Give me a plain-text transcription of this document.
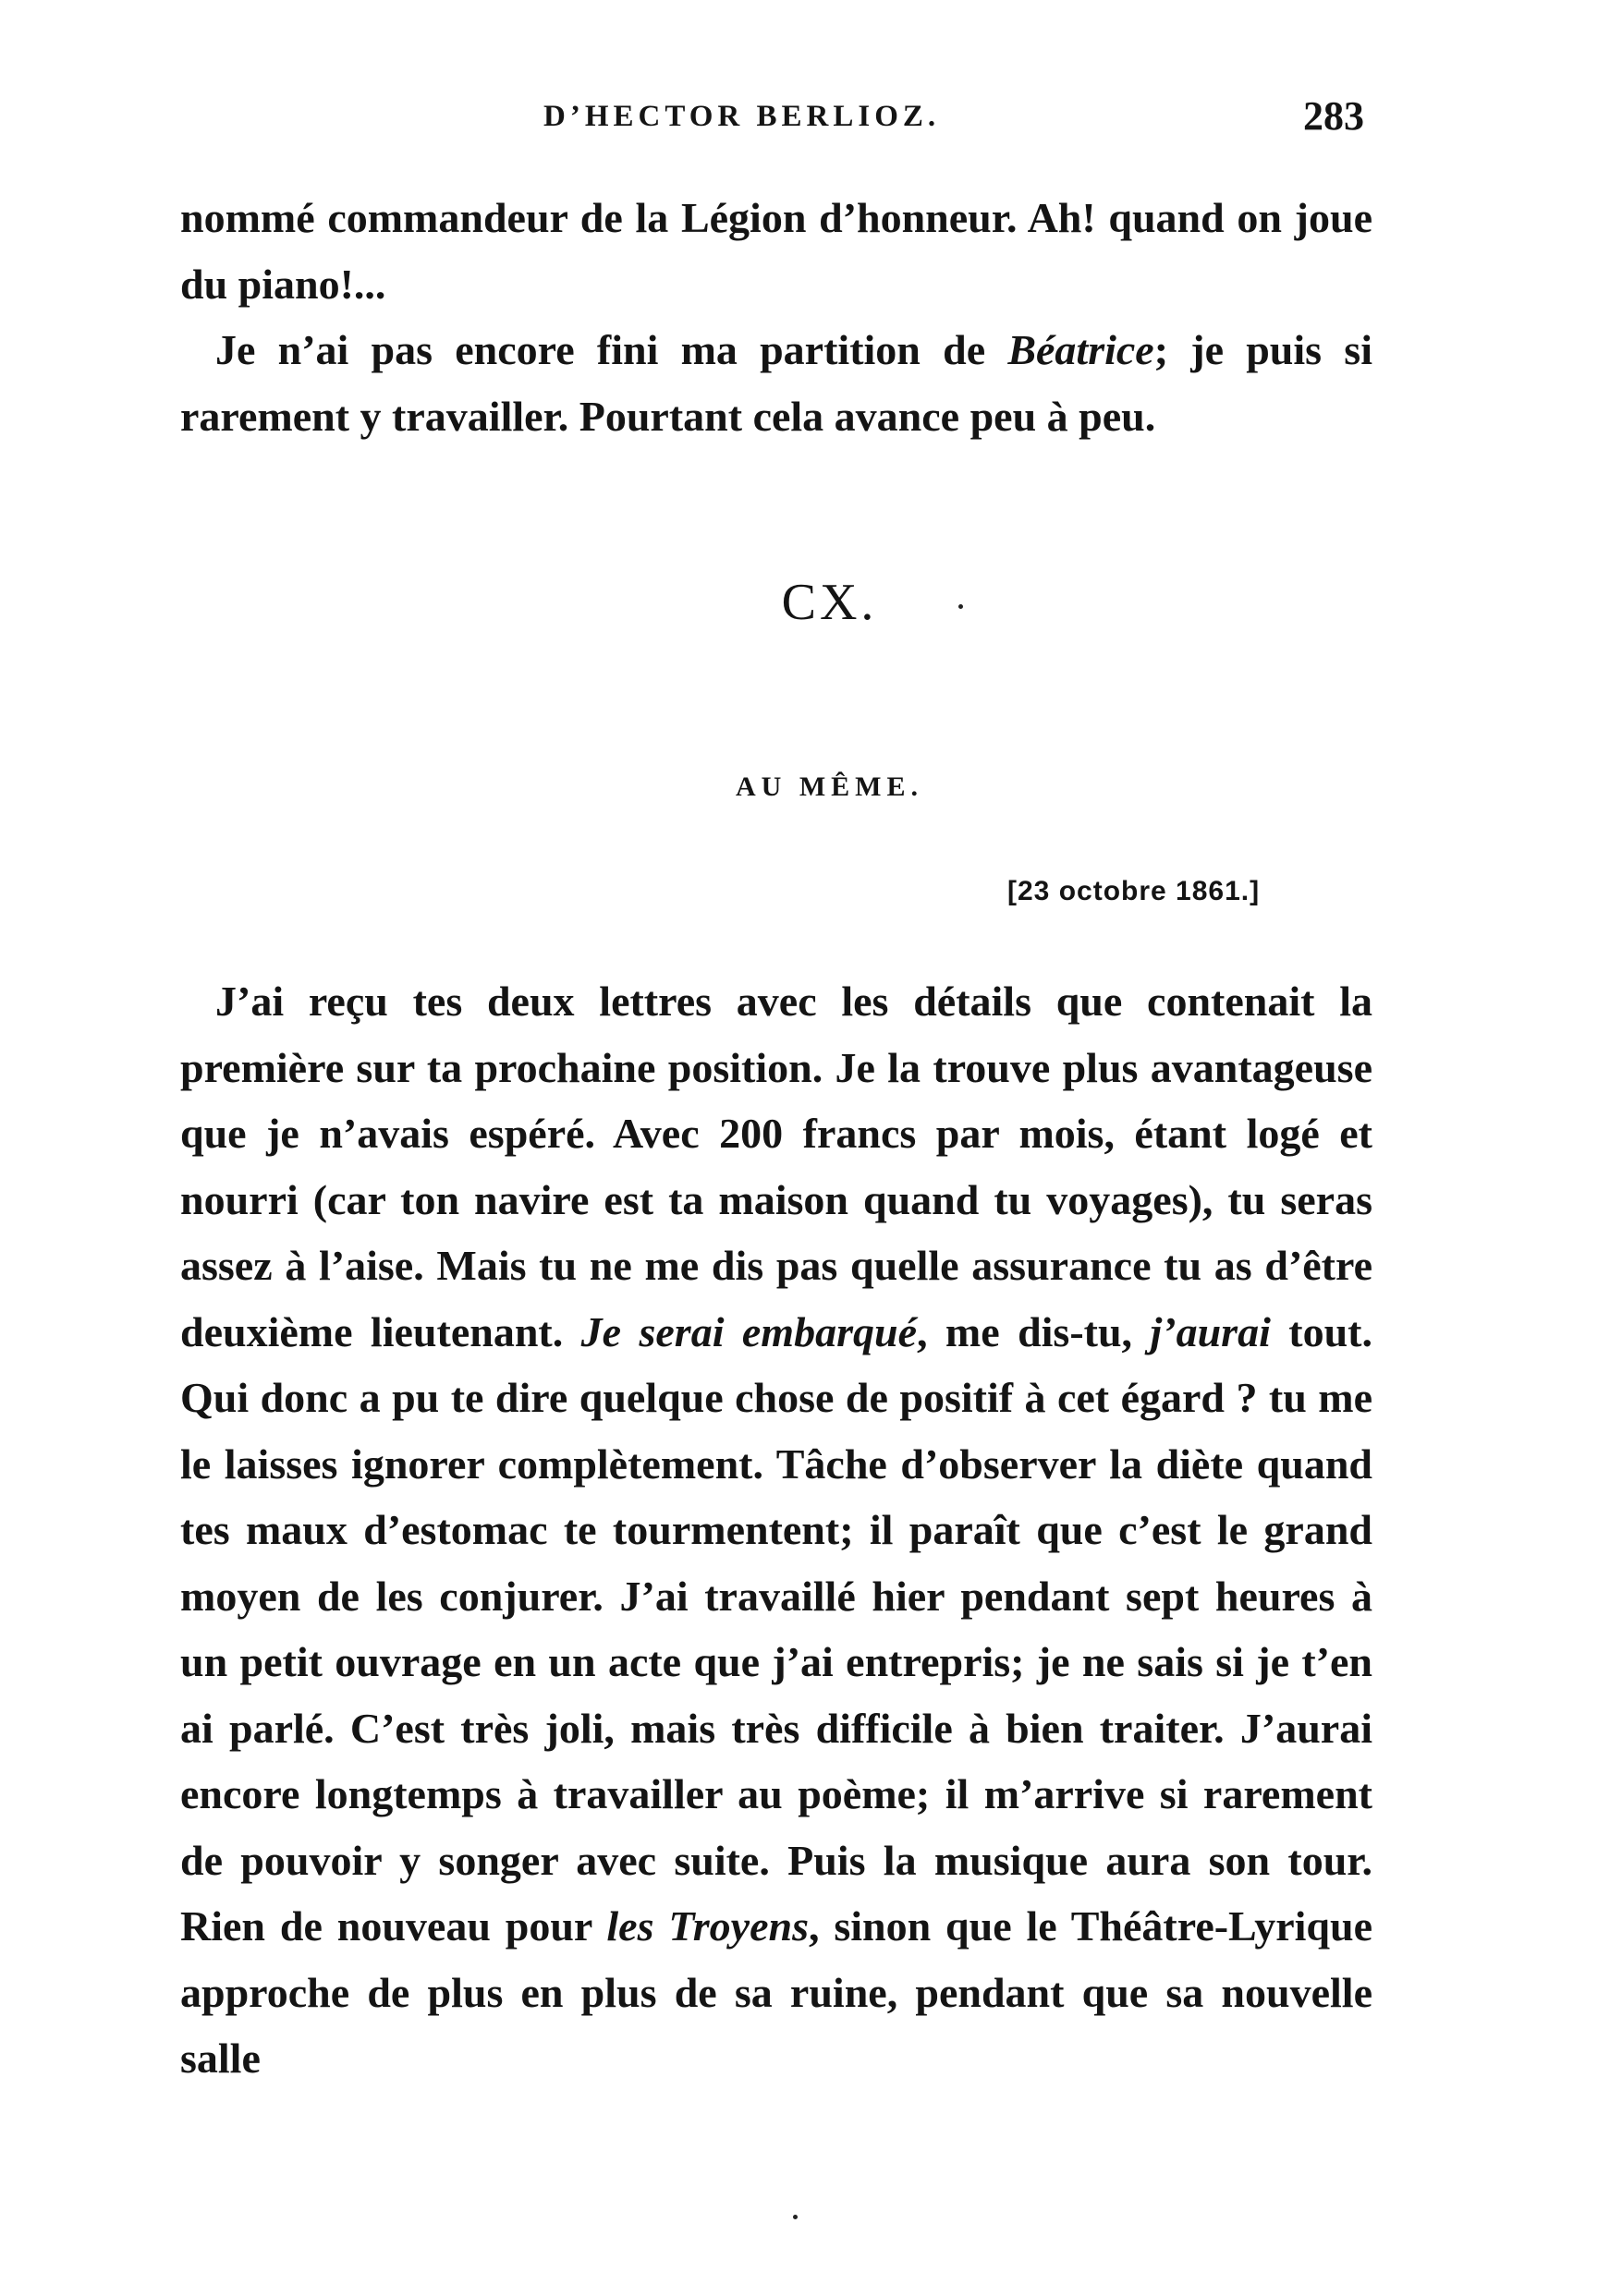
D’HECTOR BERLIOZ.	283

nommé commandeur de la Légion d’honneur. Ah! quand on joue du piano!...

Je n’ai pas encore fini ma partition de Béatrice; je puis si rarement y travailler. Pourtant cela avance peu à peu.

CX.
AU MÊME.
[23 octobre 1861.]

J’ai reçu tes deux lettres avec les détails que contenait la première sur ta prochaine position. Je la trouve plus avantageuse que je n’avais espéré. Avec 200 francs par mois, étant logé et nourri (car ton navire est ta maison quand tu voyages), tu seras assez à l’aise. Mais tu ne me dis pas quelle assurance tu as d’être deuxième lieutenant. Je serai embarqué, me dis-tu, j’aurai tout. Qui donc a pu te dire quelque chose de positif à cet égard ? tu me le laisses ignorer complètement. Tâche d’observer la diète quand tes maux d’estomac te tourmentent; il paraît que c’est le grand moyen de les conjurer. J’ai travaillé hier pendant sept heures à un petit ouvrage en un acte que j’ai entrepris; je ne sais si je t’en ai parlé. C’est très joli, mais très difficile à bien traiter. J’aurai encore longtemps à travailler au poème; il m’arrive si rarement de pouvoir y songer avec suite. Puis la musique aura son tour. Rien de nouveau pour les Troyens, sinon que le Théâtre-Lyrique approche de plus en plus de sa ruine, pendant que sa nouvelle salle
